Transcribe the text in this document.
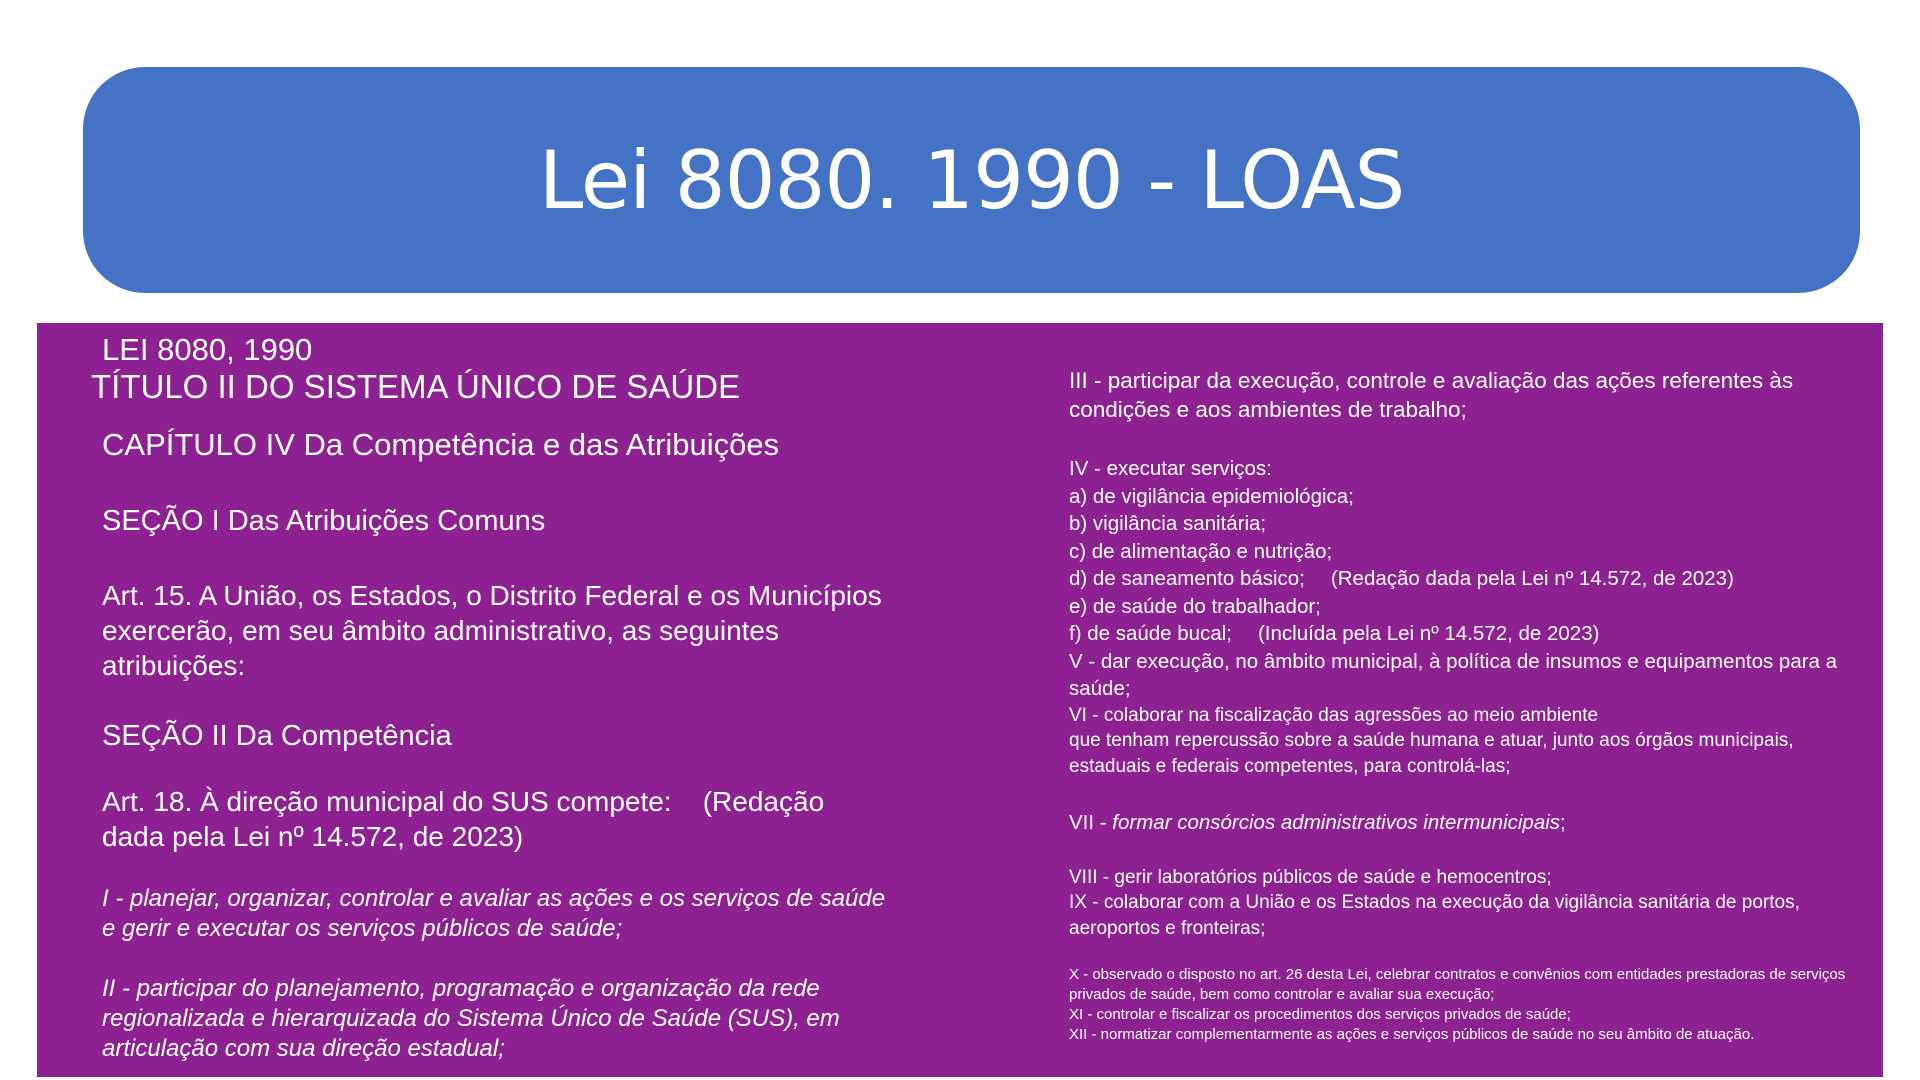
Lei 8080. 1990 - LOAS
LEI 8080, 1990
TÍTULO II DO SISTEMA ÚNICO DE SAÚDE
CAPÍTULO IV Da Competência e das Atribuições
SEÇÃO I Das Atribuições Comuns
Art. 15. A União, os Estados, o Distrito Federal e os Municípios exercerão, em seu âmbito administrativo, as seguintes atribuições:
SEÇÃO II Da Competência
Art. 18. À direção municipal do SUS compete:    (Redação dada pela Lei nº 14.572, de 2023)
I - planejar, organizar, controlar e avaliar as ações e os serviços de saúde e gerir e executar os serviços públicos de saúde;
II - participar do planejamento, programação e organização da rede regionalizada e hierarquizada do Sistema Único de Saúde (SUS), em articulação com sua direção estadual;
III - participar da execução, controle e avaliação das ações referentes às condições e aos ambientes de trabalho;
IV - executar serviços:
a) de vigilância epidemiológica;
b) vigilância sanitária;
c) de alimentação e nutrição;
d) de saneamento básico; (Redação dada pela Lei nº 14.572, de 2023)
e) de saúde do trabalhador;
f) de saúde bucal; (Incluída pela Lei nº 14.572, de 2023)
V - dar execução, no âmbito municipal, à política de insumos e equipamentos para a saúde;
VI - colaborar na fiscalização das agressões ao meio ambiente
que tenham repercussão sobre a saúde humana e atuar, junto aos órgãos municipais, estaduais e federais competentes, para controlá-las;
VII - formar consórcios administrativos intermunicipais;
VIII - gerir laboratórios públicos de saúde e hemocentros;
IX - colaborar com a União e os Estados na execução da vigilância sanitária de portos, aeroportos e fronteiras;
X - observado o disposto no art. 26 desta Lei, celebrar contratos e convênios com entidades prestadoras de serviços privados de saúde, bem como controlar e avaliar sua execução;
XI - controlar e fiscalizar os procedimentos dos serviços privados de saúde;
XII - normatizar complementarmente as ações e serviços públicos de saúde no seu âmbito de atuação.
